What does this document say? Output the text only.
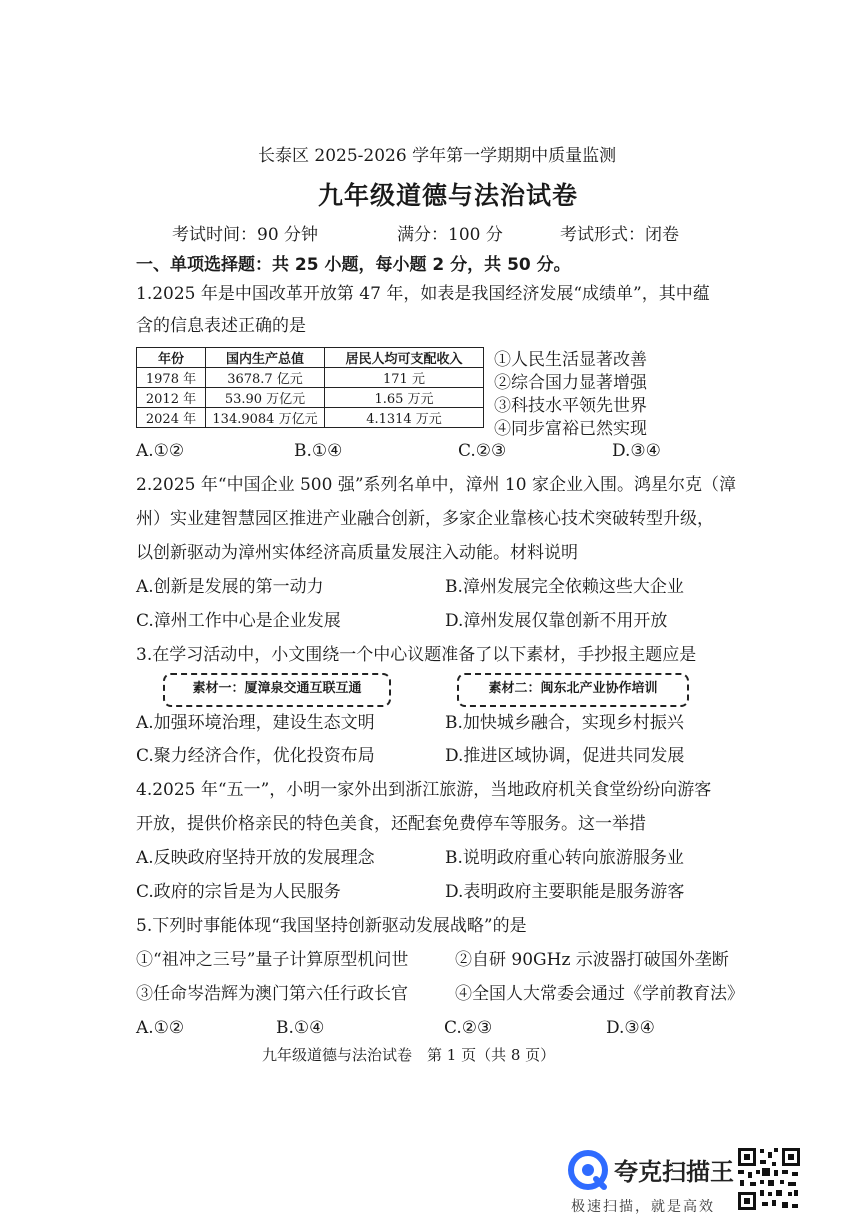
长泰区 2025-2026 学年第一学期期中质量监测
九年级道德与法治试卷
考试时间：90 分钟	满分：100 分	考试形式：闭卷
一、单项选择题：共 25 小题，每小题 2 分，共 50 分。
1.2025 年是中国改革开放第 47 年，如表是我国经济发展“成绩单”，其中蕴
含的信息表述正确的是
年份	国内生产总值	居民人均可支配收入
1978 年	3678.7 亿元	171 元
2012 年	53.90 万亿元	1.65 万元
2024 年	134.9084 万亿元	4.1314 万元
①人民生活显著改善
②综合国力显著增强
③科技水平领先世界
④同步富裕已然实现
A.①②	B.①④	C.②③	D.③④
2.2025 年“中国企业 500 强”系列名单中，漳州 10 家企业入围。鸿星尔克（漳
州）实业建智慧园区推进产业融合创新，多家企业靠核心技术突破转型升级，
以创新驱动为漳州实体经济高质量发展注入动能。材料说明
A.创新是发展的第一动力	B.漳州发展完全依赖这些大企业
C.漳州工作中心是企业发展	D.漳州发展仅靠创新不用开放
3.在学习活动中，小文围绕一个中心议题准备了以下素材，手抄报主题应是
素材一：厦漳泉交通互联互通	素材二：闽东北产业协作培训
A.加强环境治理，建设生态文明	B.加快城乡融合，实现乡村振兴
C.聚力经济合作，优化投资布局	D.推进区域协调，促进共同发展
4.2025 年“五一”，小明一家外出到浙江旅游，当地政府机关食堂纷纷向游客
开放，提供价格亲民的特色美食，还配套免费停车等服务。这一举措
A.反映政府坚持开放的发展理念	B.说明政府重心转向旅游服务业
C.政府的宗旨是为人民服务	D.表明政府主要职能是服务游客
5.下列时事能体现“我国坚持创新驱动发展战略”的是
①“祖冲之三号”量子计算原型机问世	②自研 90GHz 示波器打破国外垄断
③任命岑浩辉为澳门第六任行政长官	④全国人大常委会通过《学前教育法》
A.①②	B.①④	C.②③	D.③④
九年级道德与法治试卷　第 1 页（共 8 页）
夸克扫描王
极速扫描，就是高效
